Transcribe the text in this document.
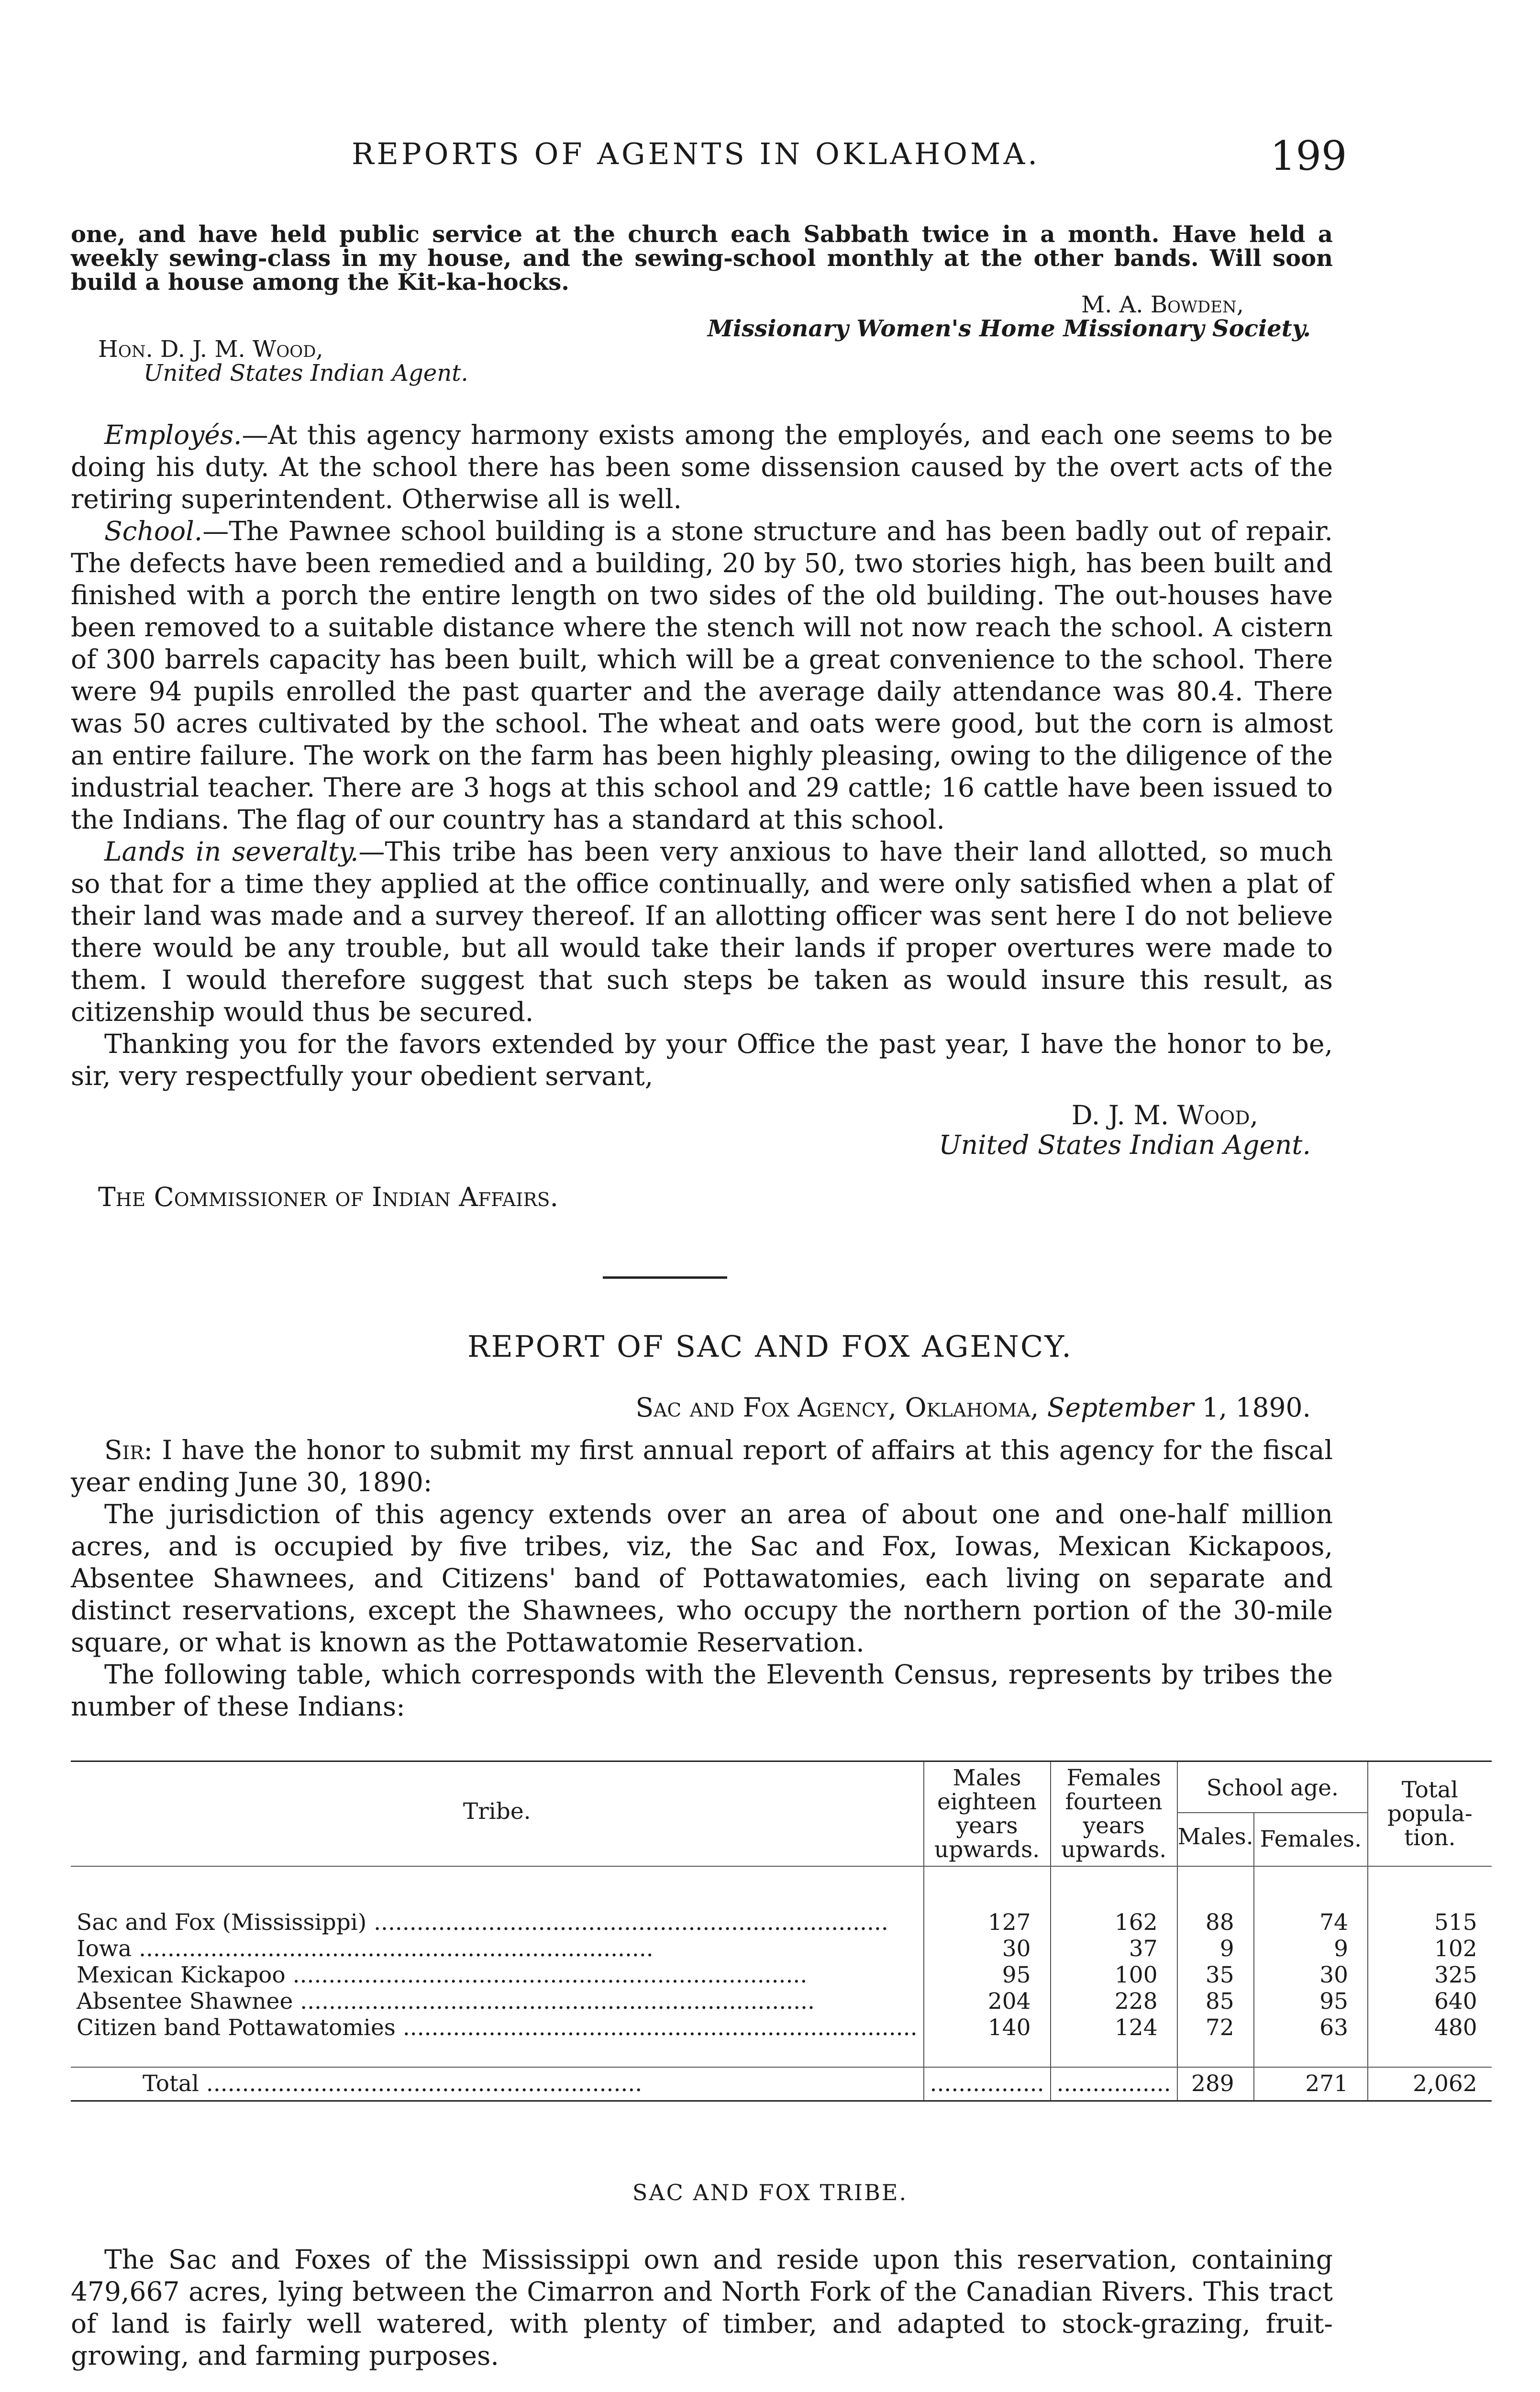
REPORTS OF AGENTS IN OKLAHOMA.	199
one, and have held public service at the church each Sabbath twice in a month. Have held a weekly sewing-class in my house, and the sewing-school monthly at the other bands. Will soon build a house among the Kit-ka-hocks.
M. A. Bowden,
Missionary Women's Home Missionary Society.
Hon. D. J. M. Wood,
United States Indian Agent.

Employés.—At this agency harmony exists among the employés, and each one seems to be doing his duty. At the school there has been some dissension caused by the overt acts of the retiring superintendent. Otherwise all is well.

School.—The Pawnee school building is a stone structure and has been badly out of repair. The defects have been remedied and a building, 20 by 50, two stories high, has been built and finished with a porch the entire length on two sides of the old building. The out-houses have been removed to a suitable distance where the stench will not now reach the school. A cistern of 300 barrels capacity has been built, which will be a great convenience to the school. There were 94 pupils enrolled the past quarter and the average daily attendance was 80.4. There was 50 acres cultivated by the school. The wheat and oats were good, but the corn is almost an entire failure. The work on the farm has been highly pleasing, owing to the diligence of the industrial teacher. There are 3 hogs at this school and 29 cattle; 16 cattle have been issued to the Indians. The flag of our country has a standard at this school.

Lands in severalty.—This tribe has been very anxious to have their land allotted, so much so that for a time they applied at the office continually, and were only satisfied when a plat of their land was made and a survey thereof. If an allotting officer was sent here I do not believe there would be any trouble, but all would take their lands if proper overtures were made to them. I would therefore suggest that such steps be taken as would insure this result, as citizenship would thus be secured.

Thanking you for the favors extended by your Office the past year, I have the honor to be, sir, very respectfully your obedient servant,

D. J. M. Wood,
United States Indian Agent.
The Commissioner of Indian Affairs.
REPORT OF SAC AND FOX AGENCY.
Sac and Fox Agency, Oklahoma, September 1, 1890.

Sir: I have the honor to submit my first annual report of affairs at this agency for the fiscal year ending June 30, 1890:

The jurisdiction of this agency extends over an area of about one and one-half million acres, and is occupied by five tribes, viz, the Sac and Fox, Iowas, Mexican Kickapoos, Absentee Shawnees, and Citizens' band of Pottawatomies, each living on separate and distinct reservations, except the Shawnees, who occupy the northern portion of the 30-mile square, or what is known as the Pottawatomie Reservation.

The following table, which corresponds with the Eleventh Census, represents by tribes the number of these Indians:

Tribe.	Males eighteen years upwards.	Females fourteen years upwards.	School age.		Total popula-tion.
			Males.	Females.	

Sac and Fox (Mississippi) ........................................................................	127	162	88	74	515
Iowa ........................................................................	30	37	9	9	102
Mexican Kickapoo ........................................................................	95	100	35	30	325
Absentee Shawnee ........................................................................	204	228	85	95	640
Citizen band Pottawatomies ........................................................................	140	124	72	63	480

Total .............................................................	................	................	289	271	2,062
SAC AND FOX TRIBE.

The Sac and Foxes of the Mississippi own and reside upon this reservation, containing 479,667 acres, lying between the Cimarron and North Fork of the Canadian Rivers. This tract of land is fairly well watered, with plenty of timber, and adapted to stock-grazing, fruit-growing, and farming purposes.
